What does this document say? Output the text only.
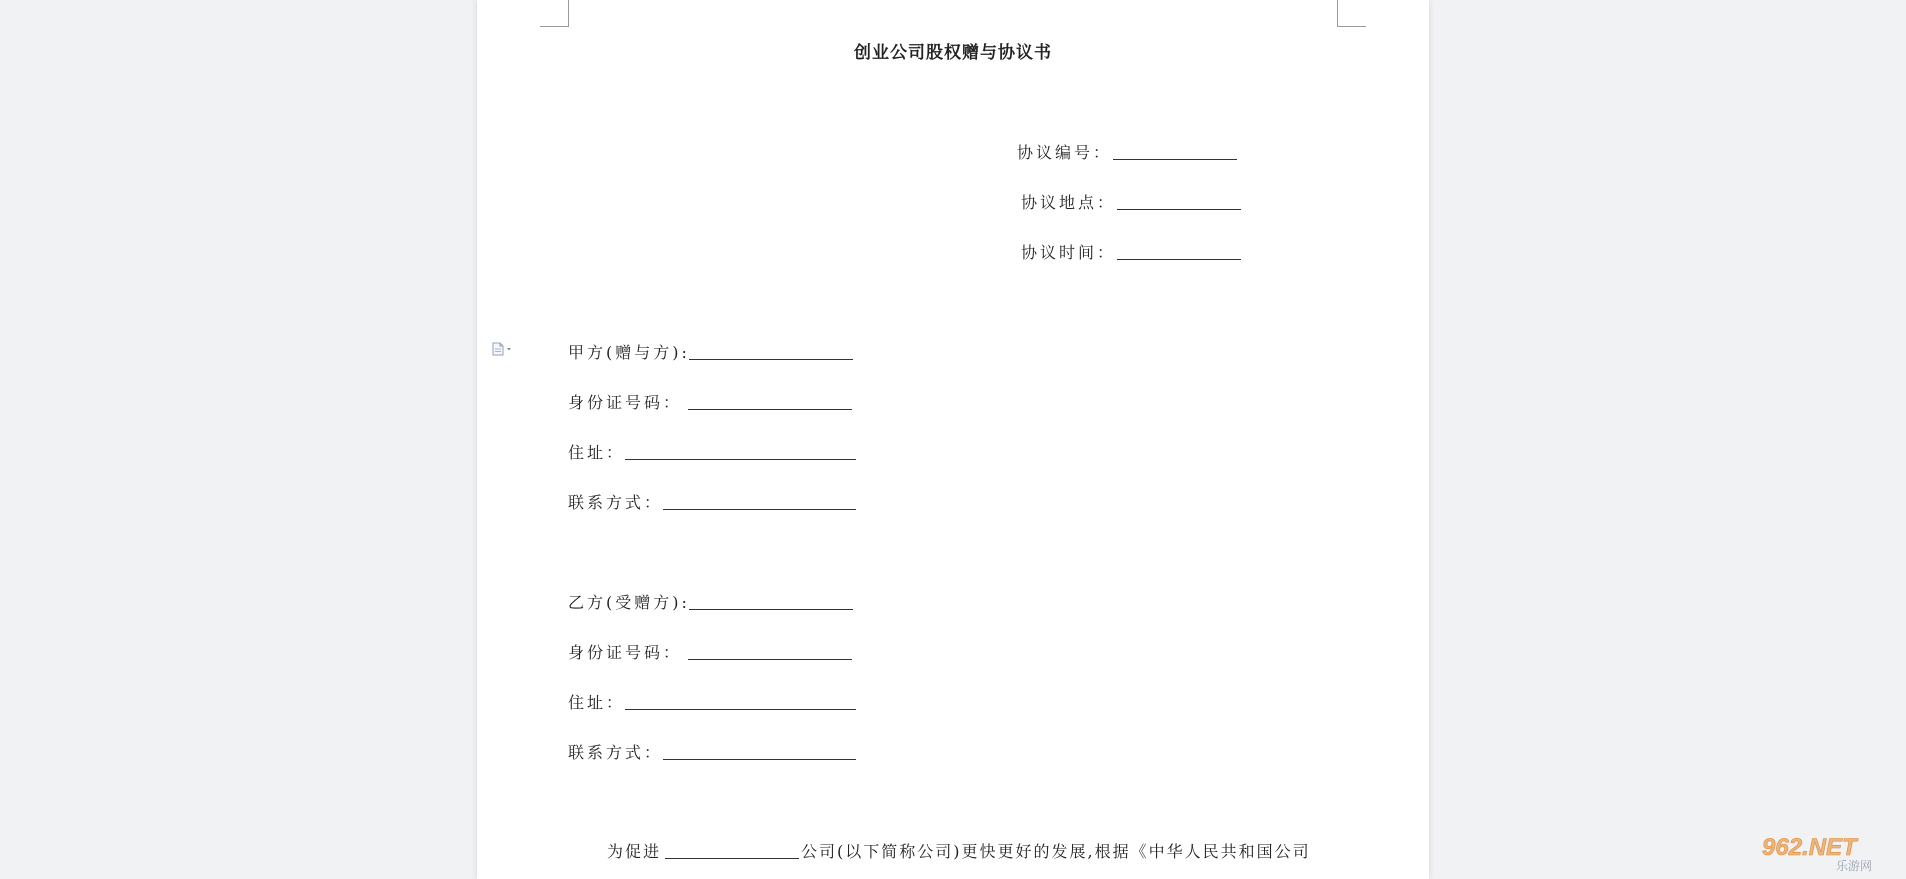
创业公司股权赠与协议书
协议编号：
协议地点：
协议时间：
甲方(赠与方):
身份证号码：
住址：
联系方式：
乙方(受赠方):
身份证号码：
住址：
联系方式：
为促进	公司(以下简称公司)更快更好的发展,根据《中华人民共和国公司	962.NET
乐游网
